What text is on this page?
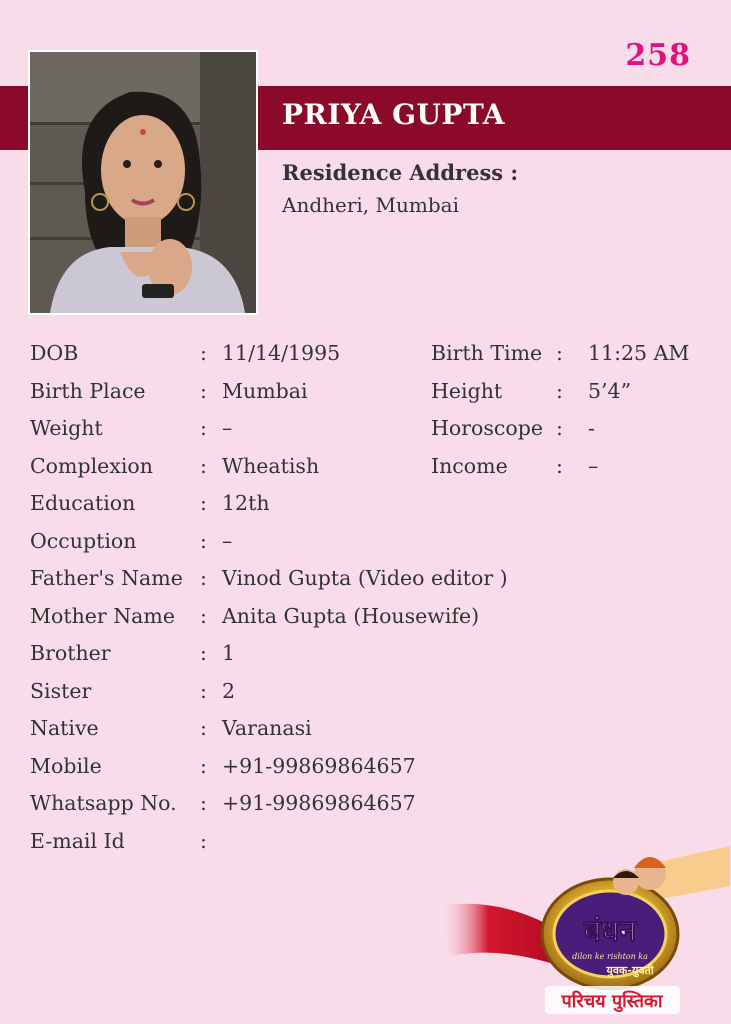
258
PRIYA GUPTA
Residence Address :
Andheri, Mumbai
DOB	: 11/14/1995	Birth Time : 11:25 AM
Birth Place	: Mumbai	Height	: 5’4”
Weight	: –	Horoscope : -
Complexion : Wheatish	Income : –
Education	: 12th
Occuption	: –
Father's Name : Vinod Gupta (Video editor )
Mother Name : Anita Gupta (Housewife)
Brother	: 1
Sister	: 2
Native	: Varanasi
Mobile	: +91-99869864657
Whatsapp No. : +91-99869864657
E-mail Id	:
बंधन
dilon ke rishton ka
युवक-युवती
परिचय पुस्तिका
